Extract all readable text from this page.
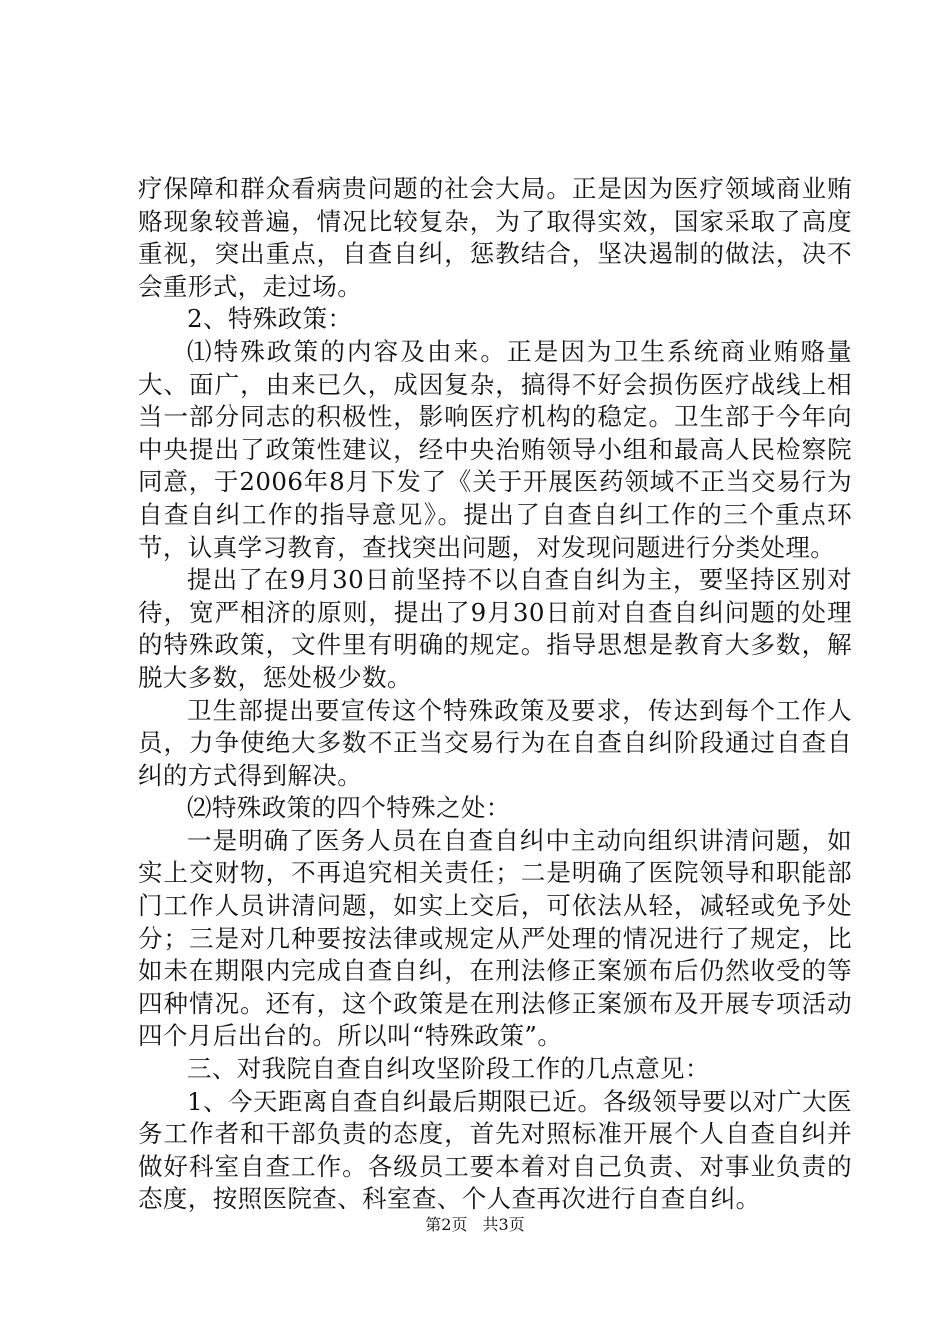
疗保障和群众看病贵问题的社会大局。正是因为医疗领域商业贿赂现象较普遍，情况比较复杂，为了取得实效，国家采取了高度重视，突出重点，自查自纠，惩教结合，坚决遏制的做法，决不会重形式，走过场。

2、特殊政策：

⑴特殊政策的内容及由来。正是因为卫生系统商业贿赂量大、面广，由来已久，成因复杂，搞得不好会损伤医疗战线上相当一部分同志的积极性，影响医疗机构的稳定。卫生部于今年向中央提出了政策性建议，经中央治贿领导小组和最高人民检察院同意，于2006年8月下发了《关于开展医药领域不正当交易行为自查自纠工作的指导意见》。提出了自查自纠工作的三个重点环节，认真学习教育，查找突出问题，对发现问题进行分类处理。

提出了在9月30日前坚持不以自查自纠为主，要坚持区别对待，宽严相济的原则，提出了9月30日前对自查自纠问题的处理的特殊政策，文件里有明确的规定。指导思想是教育大多数，解脱大多数，惩处极少数。

卫生部提出要宣传这个特殊政策及要求，传达到每个工作人员，力争使绝大多数不正当交易行为在自查自纠阶段通过自查自纠的方式得到解决。

⑵特殊政策的四个特殊之处：

一是明确了医务人员在自查自纠中主动向组织讲清问题，如实上交财物，不再追究相关责任；二是明确了医院领导和职能部门工作人员讲清问题，如实上交后，可依法从轻，减轻或免予处分；三是对几种要按法律或规定从严处理的情况进行了规定，比如未在期限内完成自查自纠，在刑法修正案颁布后仍然收受的等四种情况。还有，这个政策是在刑法修正案颁布及开展专项活动四个月后出台的。所以叫“特殊政策”。

三、对我院自查自纠攻坚阶段工作的几点意见：

1、今天距离自查自纠最后期限已近。各级领导要以对广大医务工作者和干部负责的态度，首先对照标准开展个人自查自纠并做好科室自查工作。各级员工要本着对自己负责、对事业负责的态度，按照医院查、科室查、个人查再次进行自查自纠。

第2页 共3页
